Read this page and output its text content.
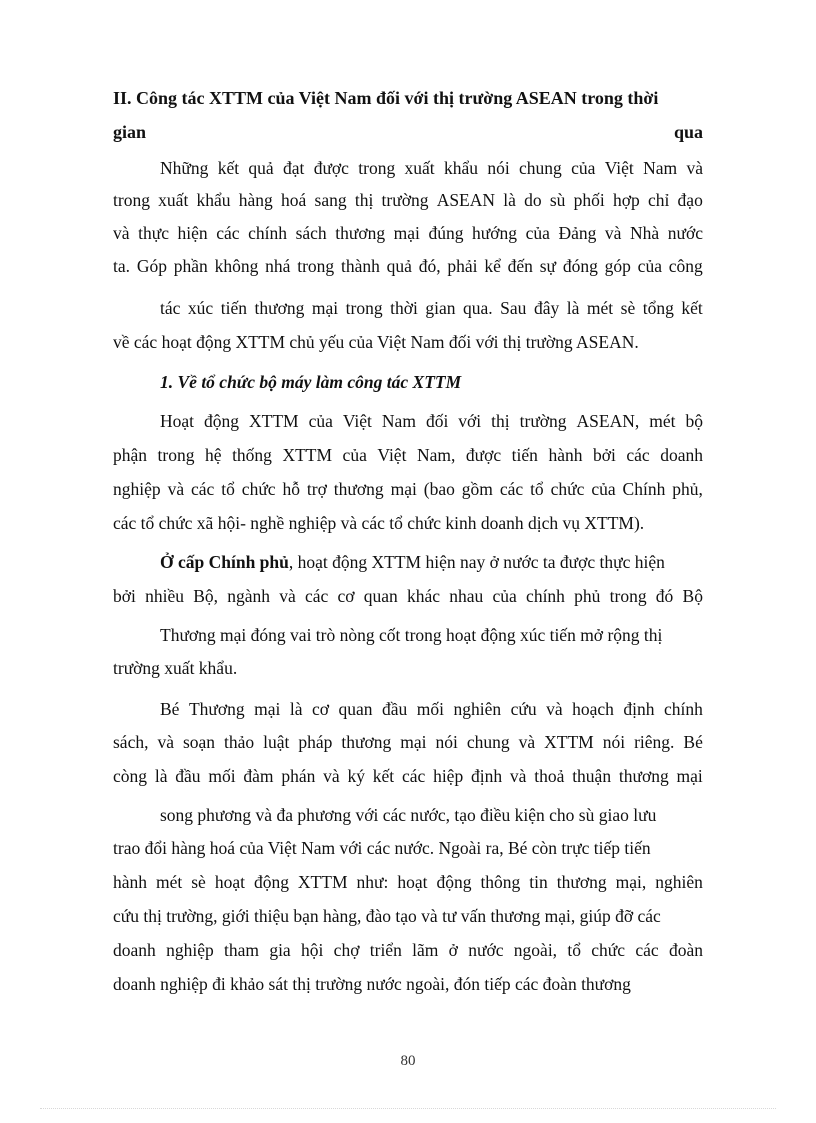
II. Công tác XTTM của Việt Nam đối với thị trường ASEAN trong thời
gian	qua
Những kết quả đạt được trong xuất khẩu nói chung của Việt Nam và
trong xuất khẩu hàng hoá sang thị trường ASEAN là do sù phối hợp chỉ đạo
và thực hiện các chính sách thương mại đúng hướng của Đảng và Nhà nước
ta. Góp phần không nhá trong thành quả đó, phải kể đến sự đóng góp của công
tác xúc tiến thương mại trong thời gian qua. Sau đây là mét sè tổng kết
về các hoạt động XTTM chủ yếu của Việt Nam đối với thị trường ASEAN.
1. Về tổ chức bộ máy làm công tác XTTM
Hoạt động XTTM của Việt Nam đối với thị trường ASEAN, mét bộ
phận trong hệ thống XTTM của Việt Nam, được tiến hành bởi các doanh
nghiệp và các tổ chức hỗ trợ thương mại (bao gồm các tổ chức của Chính phủ,
các tổ chức xã hội- nghề nghiệp và các tổ chức kinh doanh dịch vụ XTTM).
Ở cấp Chính phủ , hoạt động XTTM hiện nay ở nước ta được thực hiện
bởi nhiều Bộ, ngành và các cơ quan khác nhau của chính phủ trong đó Bộ
Thương mại đóng vai trò nòng cốt trong hoạt động xúc tiến mở rộng thị
trường xuất khẩu.
Bé Thương mại là cơ quan đầu mối nghiên cứu và hoạch định chính
sách, và soạn thảo luật pháp thương mại nói chung và XTTM nói riêng. Bé
còng là đầu mối đàm phán và ký kết các hiệp định và thoả thuận thương mại
song phương và đa phương với các nước, tạo điều kiện cho sù giao lưu
trao đổi hàng hoá của Việt Nam với các nước. Ngoài ra, Bé còn trực tiếp tiến
hành mét sè hoạt động XTTM như: hoạt động thông tin thương mại, nghiên
cứu thị trường, giới thiệu bạn hàng, đào tạo và tư vấn thương mại, giúp đỡ các
doanh nghiệp tham gia hội chợ triển lãm ở nước ngoài, tổ chức các đoàn
doanh nghiệp đi khảo sát thị trường nước ngoài, đón tiếp các đoàn thương
80
